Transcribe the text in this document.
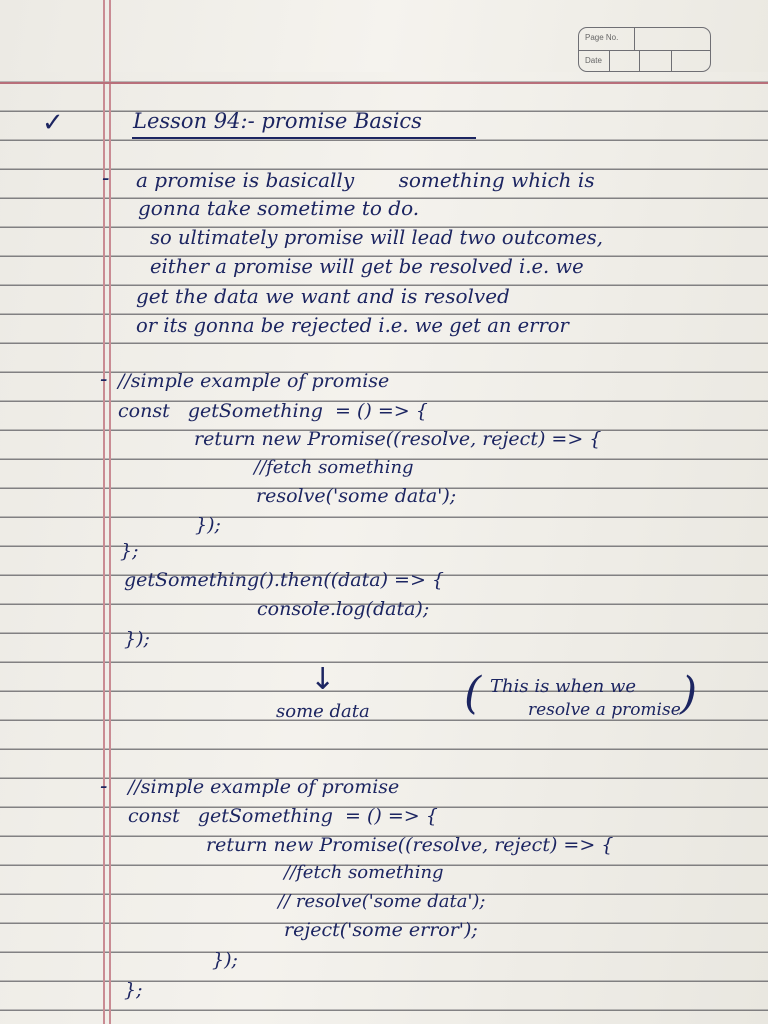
Page No.
Date
✓	Lesson 94:- promise Basics
- a promise is basically       something which is
gonna take sometime to do.
so ultimately promise will lead two outcomes,
either a promise will get be resolved i.e. we
get the data we want and is resolved
or its gonna be rejected i.e. we get an error
- //simple example of promise
const   getSomething  = () => {
return new Promise((resolve, reject) => {
//fetch something
resolve('some data');
});
};
getSomething().then((data) => {
console.log(data);
});
↓
some data ( This is when we
resolve a promise )
- //simple example of promise
const   getSomething  = () => {
return new Promise((resolve, reject) => {
//fetch something
// resolve('some data');
reject('some error');
});
};
